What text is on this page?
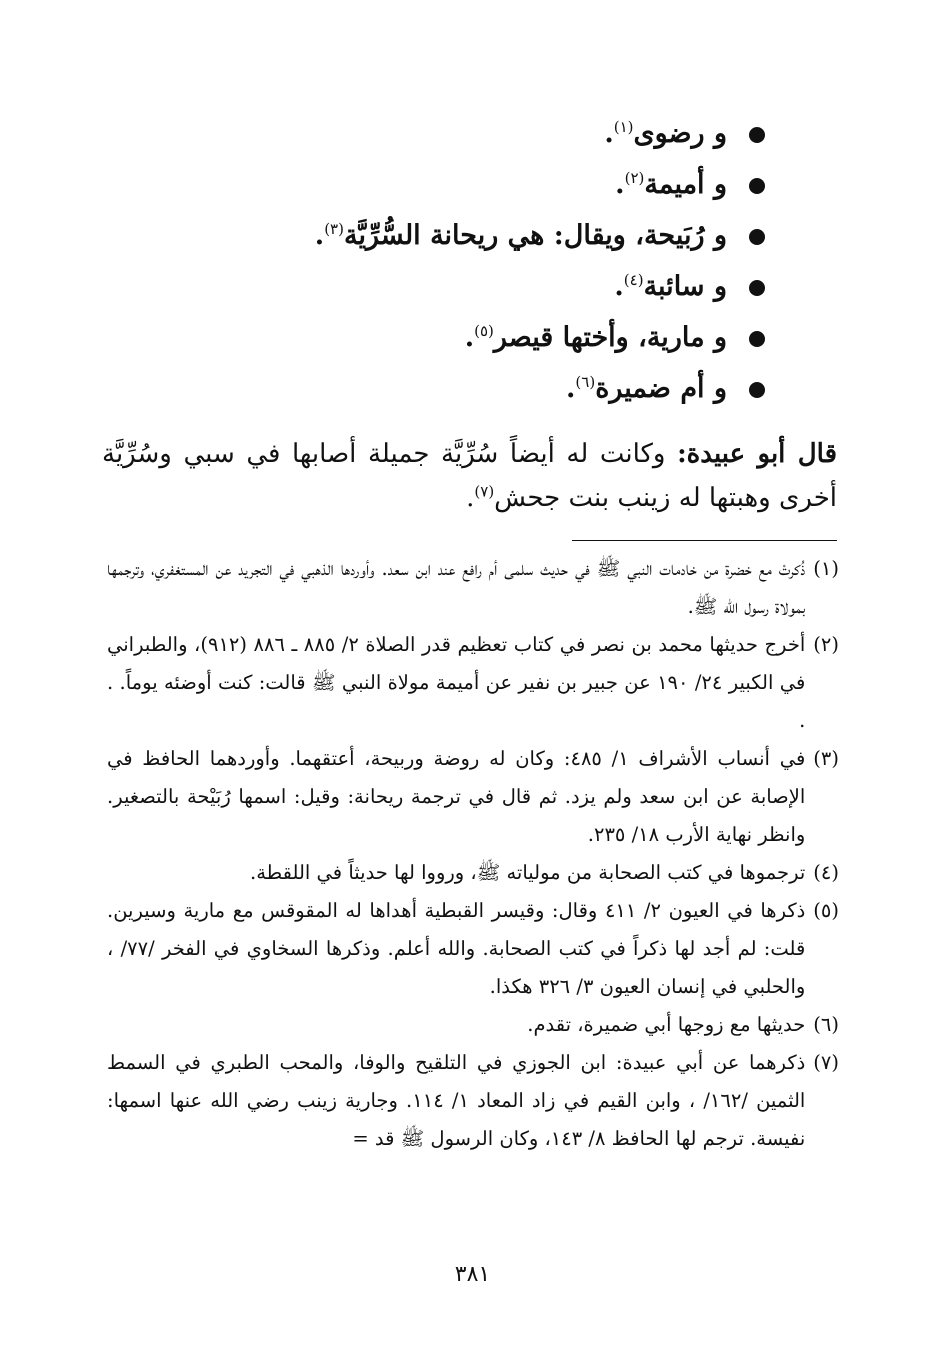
و رضوى$^{(١)}$.
و أميمة$^{(٢)}$.
و رُبَيحة، ويقال: هي ريحانة السُّرِّيَّة$^{(٣)}$.
و سائبة$^{(٤)}$.
و مارية، وأختها قيصر$^{(٥)}$.
و أم ضميرة$^{(٦)}$.

قال أبو عبيدة: وكانت له أيضاً سُرِّيَّة جميلة أصابها في سبي وسُرِّيَّة أخرى وهبتها له زينب بنت جحش$^{(٧)}$.

(١)
ذُكرتْ مع خضرة من خادمات النبي ﷺ في حديث سلمى أم رافع عند ابن سعد. وأوردها الذهبي في التجريد عن المستغفري، وترجمها بمولاة رسول الله ﷺ.
(٢)
أخرج حديثها محمد بن نصر في كتاب تعظيم قدر الصلاة ٢/ ٨٨٥ ـ ٨٨٦ (٩١٢)، والطبراني في الكبير ٢٤/ ١٩٠ عن جبير بن نفير عن أميمة مولاة النبي ﷺ قالت: كنت أوضئه يوماً. . .
(٣)
في أنساب الأشراف ١/ ٤٨٥: وكان له روضة وربيحة، أعتقهما. وأوردهما الحافظ في الإصابة عن ابن سعد ولم يزد. ثم قال في ترجمة ريحانة: وقيل: اسمها رُبَيْحة بالتصغير. وانظر نهاية الأرب ١٨/ ٢٣٥.
(٤)
ترجموها في كتب الصحابة من مولياته ﷺ، ورووا لها حديثاً في اللقطة.
(٥)
ذكرها في العيون ٢/ ٤١١ وقال: وقيسر القبطية أهداها له المقوقس مع مارية وسيرين. قلت: لم أجد لها ذكراً في كتب الصحابة. والله أعلم. وذكرها السخاوي في الفخر /٧٧/ ، والحلبي في إنسان العيون ٣/ ٣٢٦ هكذا.
(٦)
حديثها مع زوجها أبي ضميرة، تقدم.
(٧)
ذكرهما عن أبي عبيدة: ابن الجوزي في التلقيح والوفا، والمحب الطبري في السمط الثمين /١٦٢/ ، وابن القيم في زاد المعاد ١/ ١١٤. وجارية زينب رضي الله عنها اسمها: نفيسة. ترجم لها الحافظ ٨/ ١٤٣، وكان الرسول ﷺ قد =
٣٨١
